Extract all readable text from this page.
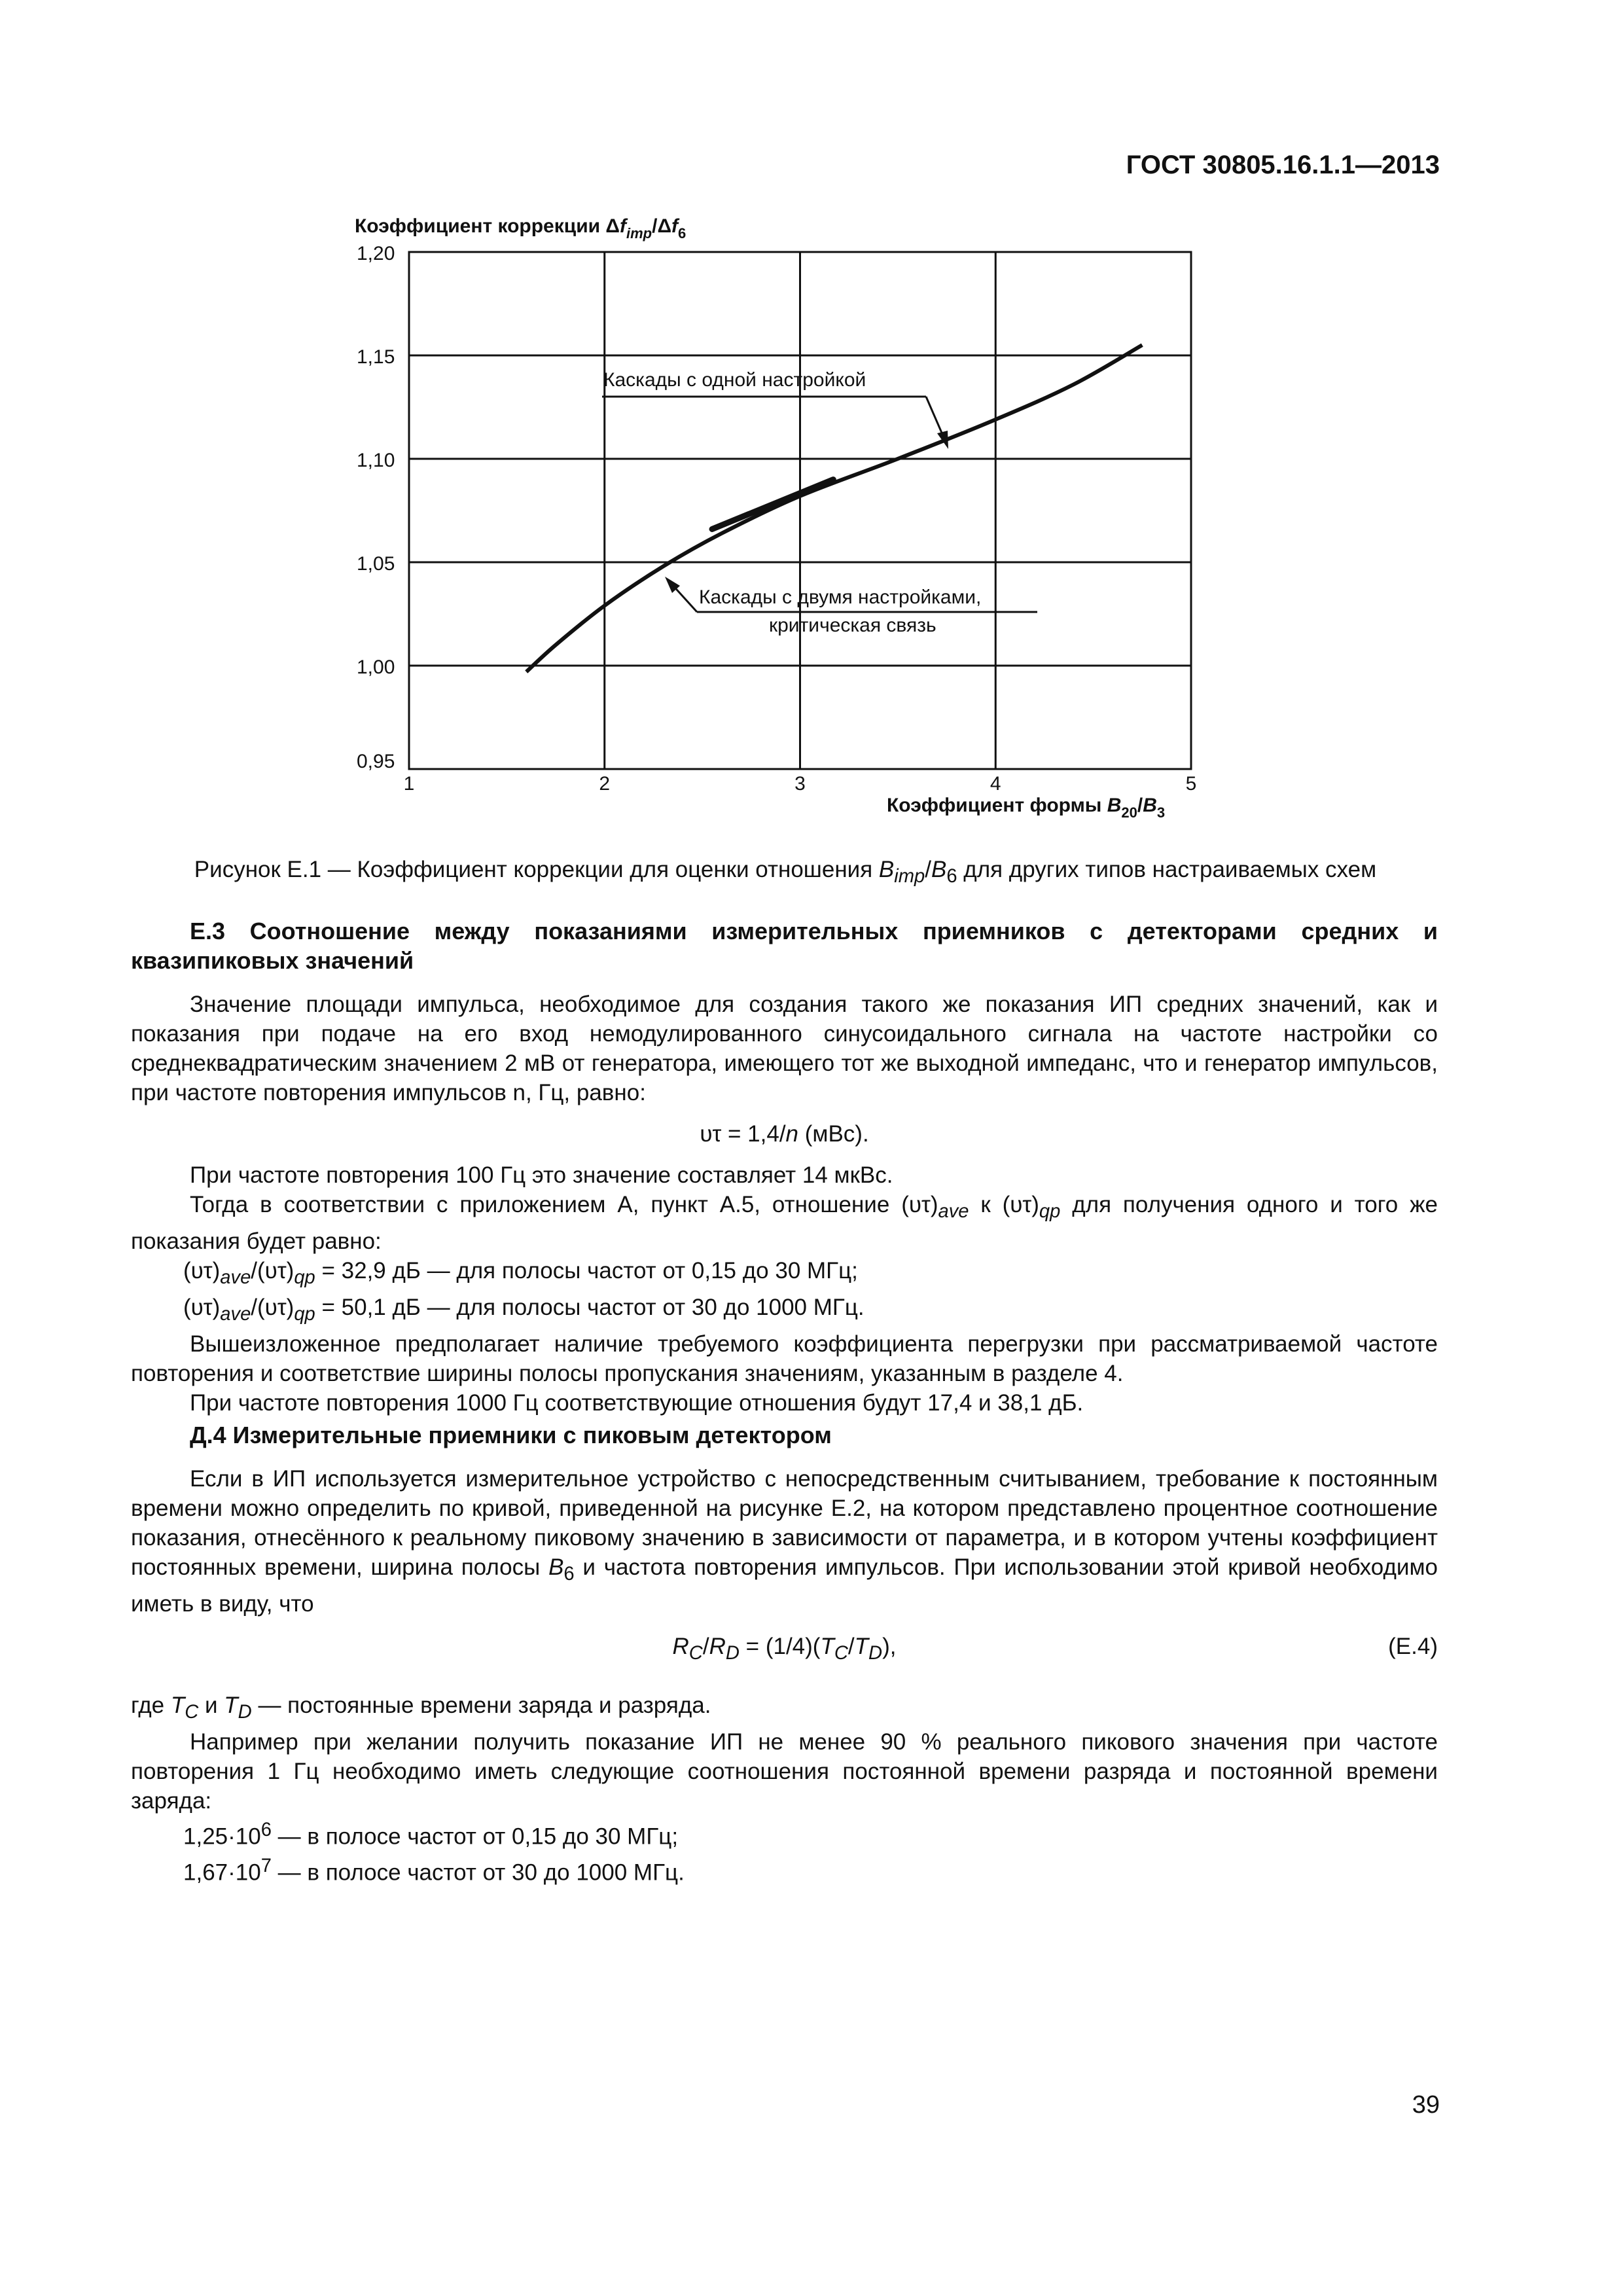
ГОСТ 30805.16.1.1—2013
Коэффициент коррекции $\Delta f_{imp}/\Delta f_6$
0,95
1,00
1,05
1,10
1,15
1,20
1	2	3	4	5
Каскады с одной настройкой
Каскады с двумя настройками,
критическая связь
Коэффициент формы $B_{20}/B_3$
Рисунок Е.1 — Коэффициент коррекции для оценки отношения $B_{imp}/B_6$ для других типов настраиваемых схем

Е.3 Соотношение между показаниями измерительных приемников с детекторами средних и квазипиковых значений

Значение площади импульса, необходимое для создания такого же показания ИП средних значений, как и показания при подаче на его вход немодулированного синусоидального сигнала на частоте настройки со среднеквадратическим значением 2 мВ от генератора, имеющего тот же выходной импеданс, что и генератор импульсов, при частоте повторения импульсов n, Гц, равно:

υτ = 1,4/n (мВс).

При частоте повторения 100 Гц это значение составляет 14 мкВс.

Тогда в соответствии с приложением А, пункт А.5, отношение $(\upsilon\tau)_{ave}$ к $(\upsilon\tau)_{qp}$ для получения одного и того же показания будет равно:

$(\upsilon\tau)_{ave}/(\upsilon\tau)_{qp} = 32,9$ дБ — для полосы частот от 0,15 до 30 МГц;

$(\upsilon\tau)_{ave}/(\upsilon\tau)_{qp} = 50,1$ дБ — для полосы частот от 30 до 1000 МГц.

Вышеизложенное предполагает наличие требуемого коэффициента перегрузки при рассматриваемой частоте повторения и соответствие ширины полосы пропускания значениям, указанным в разделе 4.

При частоте повторения 1000 Гц соответствующие отношения будут 17,4 и 38,1 дБ.

Д.4 Измерительные приемники с пиковым детектором

Если в ИП используется измерительное устройство с непосредственным считыванием, требование к постоянным времени можно определить по кривой, приведенной на рисунке Е.2, на котором представлено процентное соотношение показания, отнесённого к реальному пиковому значению в зависимости от параметра, и в котором учтены коэффициент постоянных времени, ширина полосы $B_6$ и частота повторения импульсов. При использовании этой кривой необходимо иметь в виду, что

$R_C/R_D = (1/4)(T_C/T_D)$,	(Е.4)

где $T_C$ и $T_D$ — постоянные времени заряда и разряда.

Например при желании получить показание ИП не менее 90 % реального пикового значения при частоте повторения 1 Гц необходимо иметь следующие соотношения постоянной времени разряда и постоянной времени заряда:

$1,25\cdot 10^6$ — в полосе частот от 0,15 до 30 МГц;

$1,67\cdot 10^7$ — в полосе частот от 30 до 1000 МГц.

39
